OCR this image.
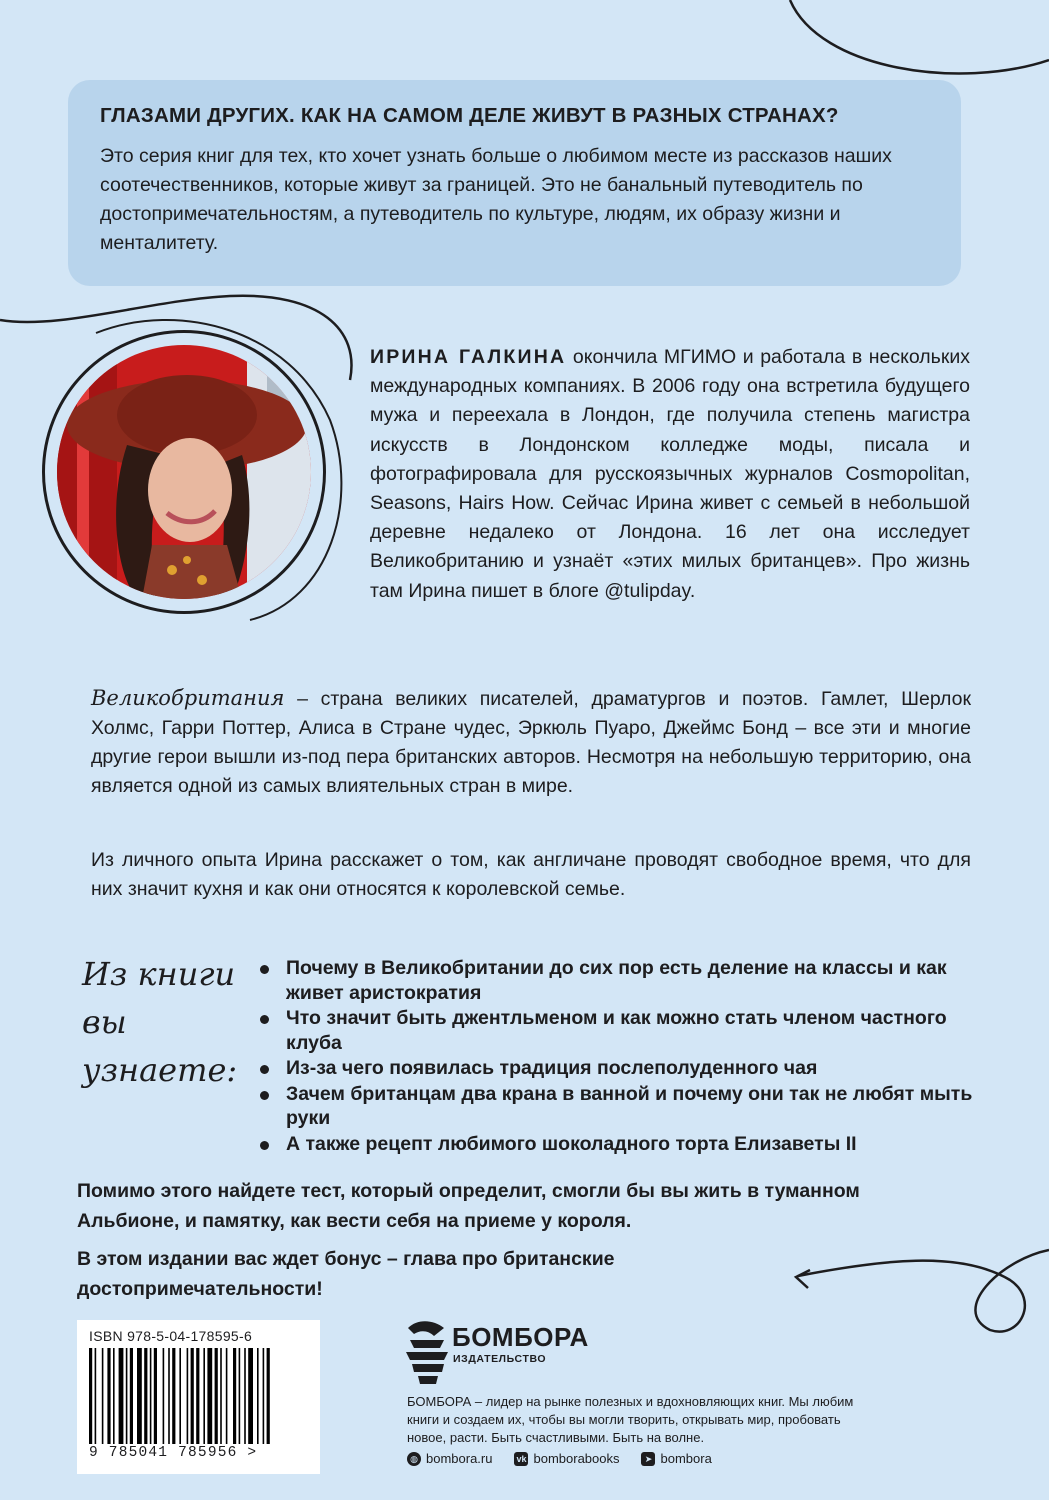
ГЛАЗАМИ ДРУГИХ. КАК НА САМОМ ДЕЛЕ ЖИВУТ В РАЗНЫХ СТРАНАХ?

Это серия книг для тех, кто хочет узнать больше о любимом месте из рассказов наших соотечественников, которые живут за границей. Это не банальный путеводитель по достопримечательностям, а путеводитель по культуре, людям, их образу жизни и менталитету.

ИРИНА ГАЛКИНА окончила МГИМО и работала в нескольких международных компаниях. В 2006 году она встретила будущего мужа и переехала в Лондон, где получила степень магистра искусств в Лондонском колледже моды, писала и фотографировала для русскоязычных журналов Cosmopolitan, Seasons, Hairs How. Сейчас Ирина живет с семьей в небольшой деревне недалеко от Лондона. 16 лет она исследует Великобританию и узнаёт «этих милых британцев». Про жизнь там Ирина пишет в блоге @tulipday.

Великобритания – страна великих писателей, драматургов и поэтов. Гамлет, Шерлок Холмс, Гарри Поттер, Алиса в Стране чудес, Эркюль Пуаро, Джеймс Бонд – все эти и многие другие герои вышли из-под пера британских авторов. Несмотря на небольшую территорию, она является одной из самых влиятельных стран в мире.

Из личного опыта Ирина расскажет о том, как англичане проводят свободное время, что для них значит кухня и как они относятся к королевской семье.

Из книги
вы узнаете:
Почему в Великобритании до сих пор есть деление на классы и как живет аристократия
Что значит быть джентльменом и как можно стать членом частного клуба
Из-за чего появилась традиция послеполуденного чая
Зачем британцам два крана в ванной и почему они так не любят мыть руки
А также рецепт любимого шоколадного торта Елизаветы II

Помимо этого найдете тест, который определит, смогли бы вы жить в туманном Альбионе, и памятку, как вести себя на приеме у короля.

В этом издании вас ждет бонус – глава про британские достопримечательности!

ISBN 978-5-04-178595-6

9 785041 785956 >
БОМБОРА
ИЗДАТЕЛЬСТВО

БОМБОРА – лидер на рынке полезных и вдохновляющих книг. Мы любим книги и создаем их, чтобы вы могли творить, открывать мир, пробовать новое, расти. Быть счастливыми. Быть на волне.

◍ bombora.ru	vk bomborabooks	➤ bombora
